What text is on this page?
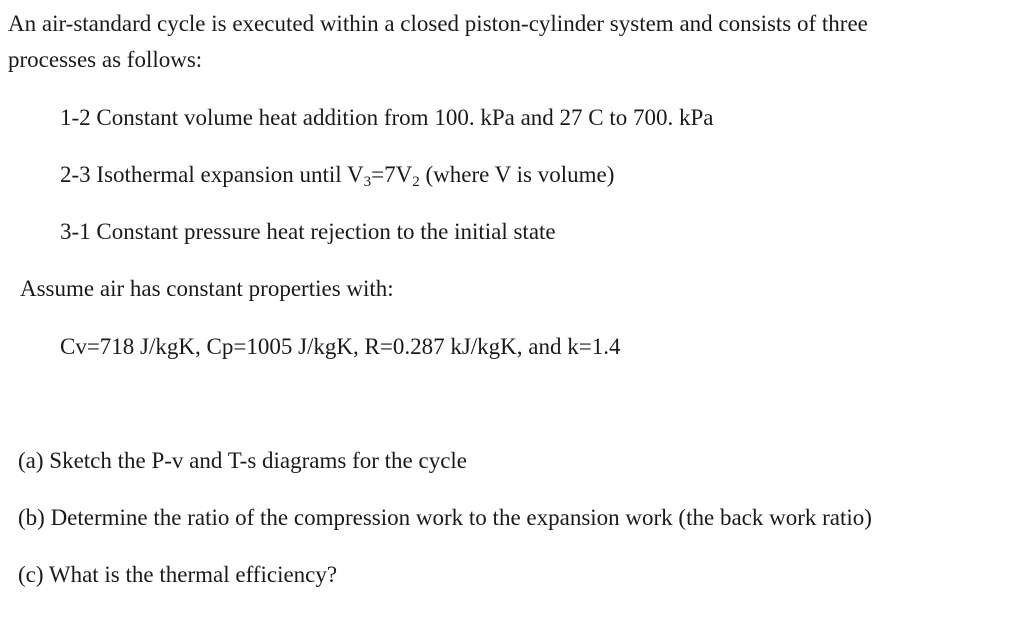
An air-standard cycle is executed within a closed piston-cylinder system and consists of three
processes as follows:
1-2 Constant volume heat addition from 100. kPa and 27 C to 700. kPa
2-3 Isothermal expansion until $V_3=7V_2$ (where V is volume)
3-1 Constant pressure heat rejection to the initial state
Assume air has constant properties with:
Cv=718 J/kgK, Cp=1005 J/kgK, R=0.287 kJ/kgK, and k=1.4
(a) Sketch the P-v and T-s diagrams for the cycle
(b) Determine the ratio of the compression work to the expansion work (the back work ratio)
(c) What is the thermal efficiency?
